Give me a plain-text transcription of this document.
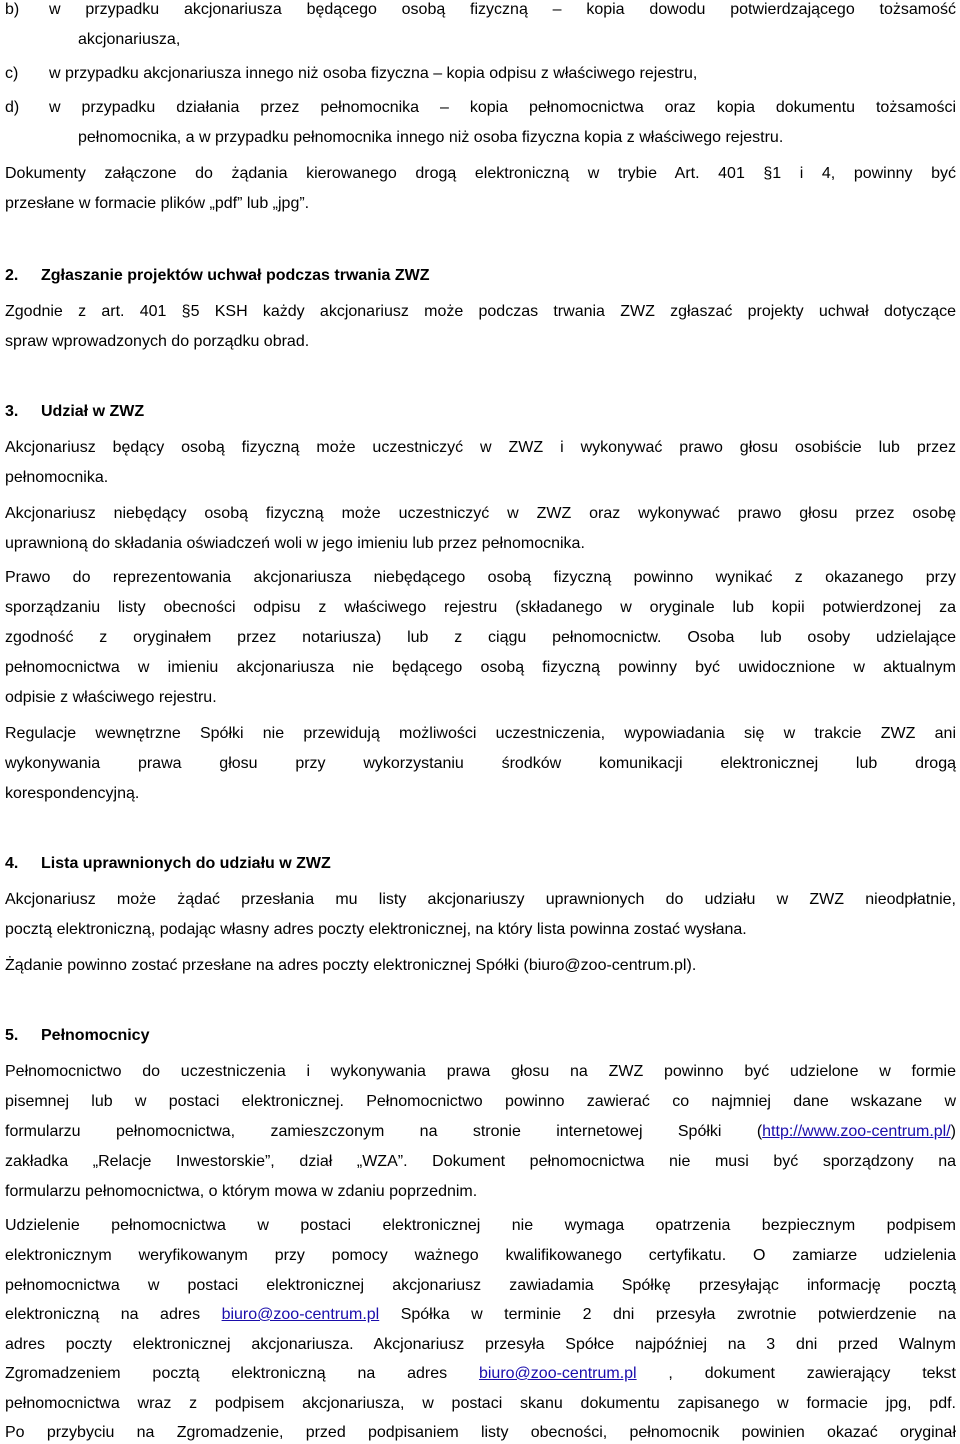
b) w przypadku akcjonariusza będącego osobą fizyczną – kopia dowodu potwierdzającego tożsamość
akcjonariusza,
c) w przypadku akcjonariusza innego niż osoba fizyczna – kopia odpisu z właściwego rejestru,
d) w przypadku działania przez pełnomocnika – kopia pełnomocnictwa oraz kopia dokumentu tożsamości
pełnomocnika, a w przypadku pełnomocnika innego niż osoba fizyczna kopia z właściwego rejestru.
Dokumenty załączone do żądania kierowanego drogą elektroniczną w trybie Art. 401 §1 i 4, powinny być
przesłane w formacie plików „pdf” lub „jpg”.
2. Zgłaszanie projektów uchwał podczas trwania ZWZ
Zgodnie z art. 401 §5 KSH każdy akcjonariusz może podczas trwania ZWZ zgłaszać projekty uchwał dotyczące
spraw wprowadzonych do porządku obrad.
3. Udział w ZWZ
Akcjonariusz będący osobą fizyczną może uczestniczyć w ZWZ i wykonywać prawo głosu osobiście lub przez
pełnomocnika.
Akcjonariusz niebędący osobą fizyczną może uczestniczyć w ZWZ oraz wykonywać prawo głosu przez osobę
uprawnioną do składania oświadczeń woli w jego imieniu lub przez pełnomocnika.
Prawo do reprezentowania akcjonariusza niebędącego osobą fizyczną powinno wynikać z okazanego przy
sporządzaniu listy obecności odpisu z właściwego rejestru (składanego w oryginale lub kopii potwierdzonej za
zgodność z oryginałem przez notariusza) lub z ciągu pełnomocnictw. Osoba lub osoby udzielające
pełnomocnictwa w imieniu akcjonariusza nie będącego osobą fizyczną powinny być uwidocznione w aktualnym
odpisie z właściwego rejestru.
Regulacje wewnętrzne Spółki nie przewidują możliwości uczestniczenia, wypowiadania się w trakcie ZWZ ani
wykonywania prawa głosu przy wykorzystaniu środków komunikacji elektronicznej lub drogą
korespondencyjną.
4. Lista uprawnionych do udziału w ZWZ
Akcjonariusz może żądać przesłania mu listy akcjonariuszy uprawnionych do udziału w ZWZ nieodpłatnie,
pocztą elektroniczną, podając własny adres poczty elektronicznej, na który lista powinna zostać wysłana.
Żądanie powinno zostać przesłane na adres poczty elektronicznej Spółki (biuro@zoo-centrum.pl).
5. Pełnomocnicy
Pełnomocnictwo do uczestniczenia i wykonywania prawa głosu na ZWZ powinno być udzielone w formie
pisemnej lub w postaci elektronicznej. Pełnomocnictwo powinno zawierać co najmniej dane wskazane w
formularzu pełnomocnictwa, zamieszczonym na stronie internetowej Spółki (http://www.zoo-centrum.pl/)
zakładka „Relacje Inwestorskie”, dział „WZA”. Dokument pełnomocnictwa nie musi być sporządzony na
formularzu pełnomocnictwa, o którym mowa w zdaniu poprzednim.
Udzielenie pełnomocnictwa w postaci elektronicznej nie wymaga opatrzenia bezpiecznym podpisem
elektronicznym weryfikowanym przy pomocy ważnego kwalifikowanego certyfikatu. O zamiarze udzielenia
pełnomocnictwa w postaci elektronicznej akcjonariusz zawiadamia Spółkę przesyłając informację pocztą
elektroniczną na adres biuro@zoo-centrum.pl Spółka w terminie 2 dni przesyła zwrotnie potwierdzenie na
adres poczty elektronicznej akcjonariusza. Akcjonariusz przesyła Spółce najpóźniej na 3 dni przed Walnym
Zgromadzeniem pocztą elektroniczną na adres biuro@zoo-centrum.pl , dokument zawierający tekst
pełnomocnictwa wraz z podpisem akcjonariusza, w postaci skanu dokumentu zapisanego w formacie jpg, pdf.
Po przybyciu na Zgromadzenie, przed podpisaniem listy obecności, pełnomocnik powinien okazać oryginał
